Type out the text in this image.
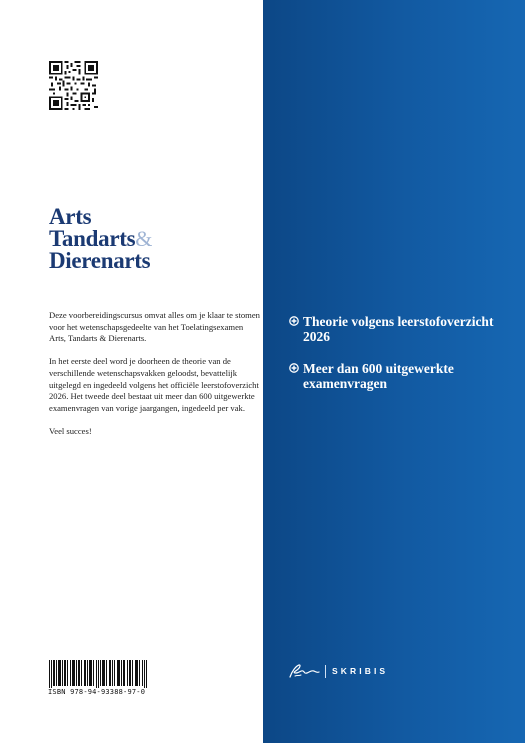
Arts
Tandarts&
Dierenarts

Deze voorbereidingscursus omvat alles om je klaar te stomen voor het wetenschapsgedeelte van het Toelatingsexamen Arts, Tandarts & Dierenarts.

In het eerste deel word je doorheen de theorie van de verschillende wetenschapsvakken geloodst, bevattelijk uitgelegd en ingedeeld volgens het officiële leerstofoverzicht 2026. Het tweede deel bestaat uit meer dan 600 uitgewerkte examenvragen van vorige jaargangen, ingedeeld per vak.

Veel succes!

ISBN 978-94-93388-97-0
Theorie volgens leerstofoverzicht 2026
Meer dan 600 uitgewerkte examenvragen
SKRIBIS
